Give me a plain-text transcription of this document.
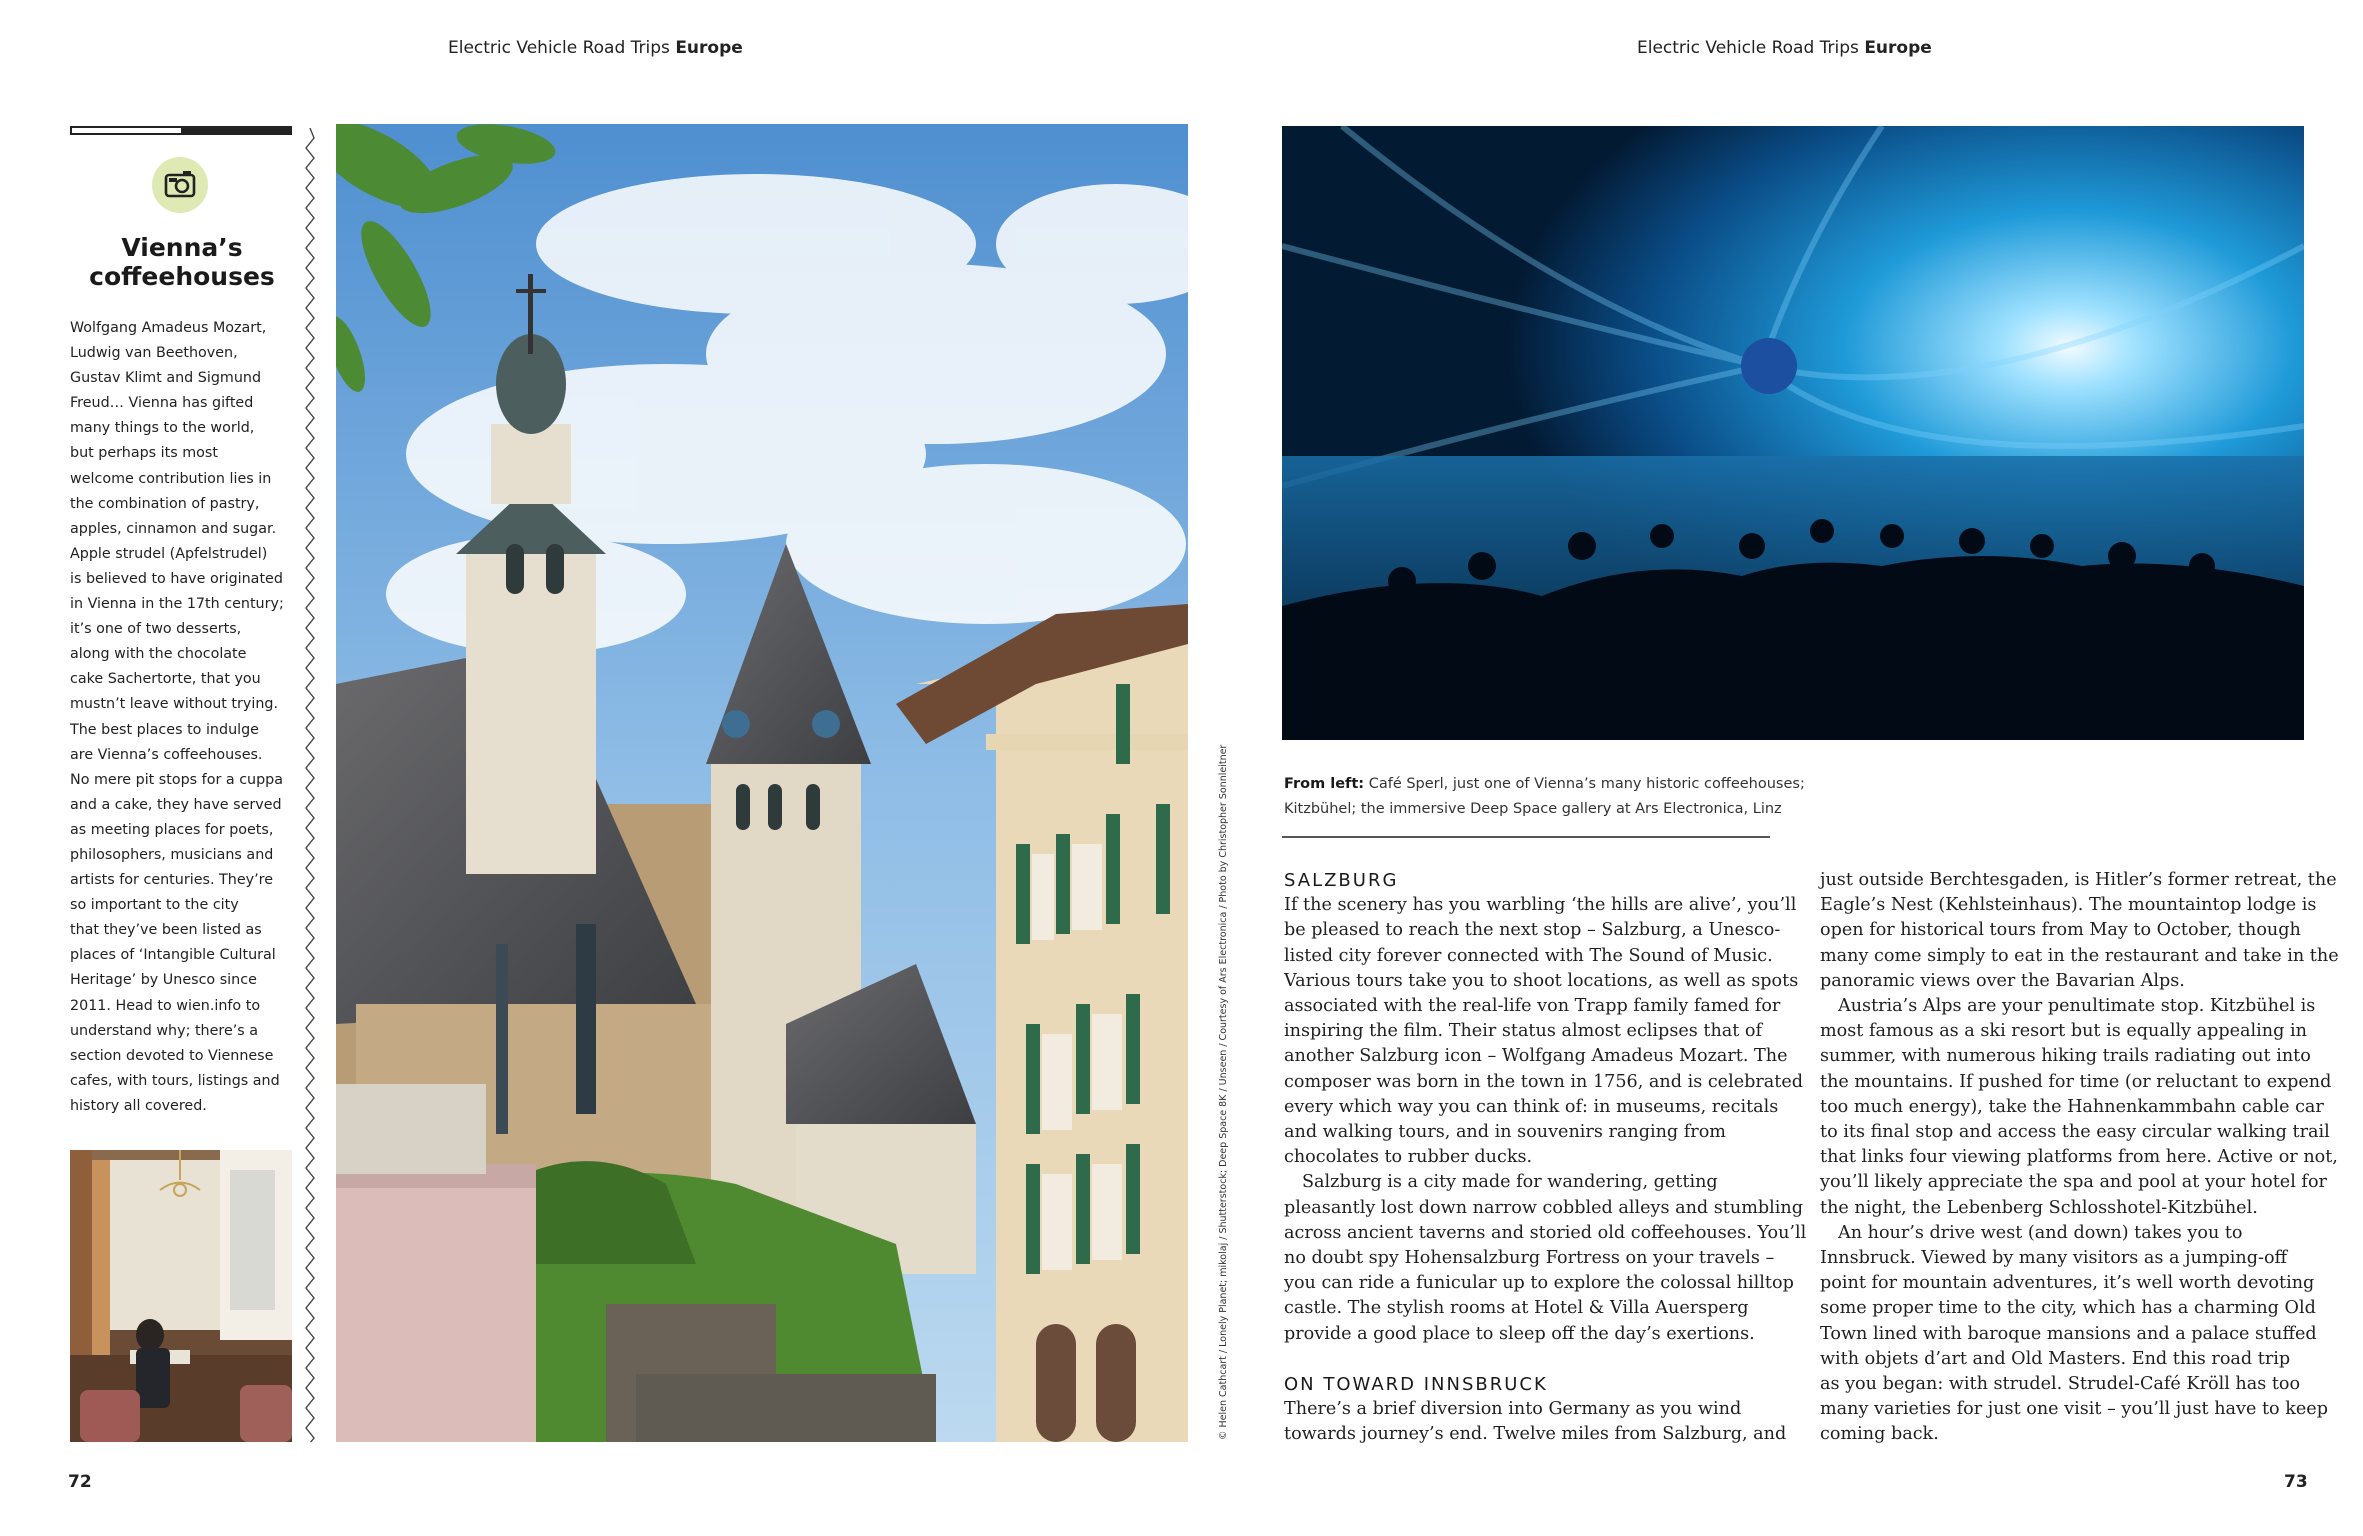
Electric Vehicle Road Trips Europe	Electric Vehicle Road Trips Europe
Vienna’s
coffeehouses
Wolfgang Amadeus Mozart,
Ludwig van Beethoven,
Gustav Klimt and Sigmund
Freud… Vienna has gifted
many things to the world,
but perhaps its most
welcome contribution lies in
the combination of pastry,
apples, cinnamon and sugar.
Apple strudel (Apfelstrudel)
is believed to have originated
in Vienna in the 17th century;
it’s one of two desserts,
along with the chocolate
cake Sachertorte, that you
mustn’t leave without trying.
The best places to indulge
are Vienna’s coffeehouses.
No mere pit stops for a cuppa
and a cake, they have served
as meeting places for poets,
philosophers, musicians and
artists for centuries. They’re
so important to the city
that they’ve been listed as
places of ‘Intangible Cultural
Heritage’ by Unesco since
2011. Head to wien.info to
understand why; there’s a
section devoted to Viennese
cafes, with tours, listings and
history all covered.	© Helen Cathcart / Lonely Planet; mikolaj / Shutterstock; Deep Space 8K / Unseen / Courtesy of Ars Electronica / Photo by Christopher Sonnleitner	From left: Café Sperl, just one of Vienna’s many historic coffeehouses;
Kitzbühel; the immersive Deep Space gallery at Ars Electronica, Linz
SALZBURG
If the scenery has you warbling ‘the hills are alive’, you’ll
be pleased to reach the next stop – Salzburg, a Unesco-
listed city forever connected with The Sound of Music.
Various tours take you to shoot locations, as well as spots
associated with the real-life von Trapp family famed for
inspiring the film. Their status almost eclipses that of
another Salzburg icon – Wolfgang Amadeus Mozart. The
composer was born in the town in 1756, and is celebrated
every which way you can think of: in museums, recitals
and walking tours, and in souvenirs ranging from
chocolates to rubber ducks.
Salzburg is a city made for wandering, getting
pleasantly lost down narrow cobbled alleys and stumbling
across ancient taverns and storied old coffeehouses. You’ll
no doubt spy Hohensalzburg Fortress on your travels –
you can ride a funicular up to explore the colossal hilltop
castle. The stylish rooms at Hotel & Villa Auersperg
provide a good place to sleep off the day’s exertions.
ON TOWARD INNSBRUCK
There’s a brief diversion into Germany as you wind
towards journey’s end. Twelve miles from Salzburg, and
just outside Berchtesgaden, is Hitler’s former retreat, the
Eagle’s Nest (Kehlsteinhaus). The mountaintop lodge is
open for historical tours from May to October, though
many come simply to eat in the restaurant and take in the
panoramic views over the Bavarian Alps.
Austria’s Alps are your penultimate stop. Kitzbühel is
most famous as a ski resort but is equally appealing in
summer, with numerous hiking trails radiating out into
the mountains. If pushed for time (or reluctant to expend
too much energy), take the Hahnenkammbahn cable car
to its final stop and access the easy circular walking trail
that links four viewing platforms from here. Active or not,
you’ll likely appreciate the spa and pool at your hotel for
the night, the Lebenberg Schlosshotel-Kitzbühel.
An hour’s drive west (and down) takes you to
Innsbruck. Viewed by many visitors as a jumping-off
point for mountain adventures, it’s well worth devoting
some proper time to the city, which has a charming Old
Town lined with baroque mansions and a palace stuffed
with objets d’art and Old Masters. End this road trip
as you began: with strudel. Strudel-Café Kröll has too
many varieties for just one visit – you’ll just have to keep
coming back.
72	73
